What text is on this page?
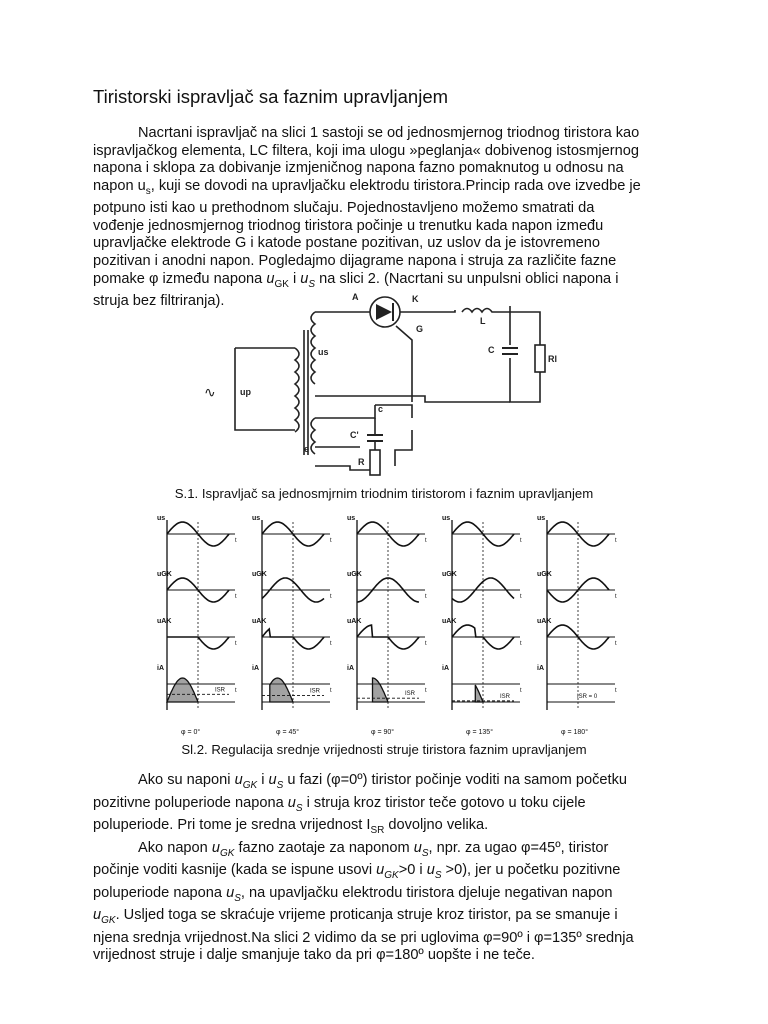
Tiristorski ispravljač sa faznim upravljanjem
Nacrtani ispravljač na slici 1 sastoji se od jednosmjernog triodnog tiristora kao
ispravljačkog elementa, LC filtera, koji ima ulogu »peglanja« dobivenog istosmjernog
napona i sklopa za dobivanje izmjeničnog napona fazno pomaknutog u odnosu na
napon $u_s$, kuji se dovodi na upravljačku elektrodu tiristora.Princip rada ove izvedbe je
potpuno isti kao u prethodnom slučaju. Pojednostavljeno možemo smatrati da
vođenje jednosmjernog triodnog tiristora počinje u trenutku kada napon između
upravljačke elektrode G i katode postane pozitivan, uz uslov da je istovremeno
pozitivan i anodni napon. Pogledajmo dijagrame napona i struja za različite fazne
pomake φ između napona $u_{GK}$ i $u_S$ na slici 2. (Nacrtani su unpulsni oblici napona i
struja bez filtriranja).
∿
A	K
G
L
C
Rl
us
up
C'
c
R
e
S.1. Ispravljač sa jednosmjrnim triodnim tiristorom i faznim upravljanjem
us
uGK
uAK
iA
t
t
t
t
ISR
φ = 0°
us
uGK
uAK
iA
t
t
t
t
ISR
φ = 45°
us
uGK
uAK
iA
t
t
t
t
ISR
φ = 90°
us
uGK
uAK
iA
t
t
t
t
ISR
φ = 135°
us
uGK
uAK
iA
t
t
t
t
ISR = 0
φ = 180°
Sl.2. Regulacija srednje vrijednosti struje tiristora faznim upravljanjem
Ako su naponi $u_{GK}$ i $u_S$ u fazi (φ=0º) tiristor počinje voditi na samom početku
pozitivne poluperiode napona $u_S$ i struja kroz tiristor teče gotovo u toku cijele
poluperiode. Pri tome je sredna vrijednost $I_{SR}$ dovoljno velika.
Ako napon $u_{GK}$ fazno zaotaje za naponom $u_S$, npr. za ugao φ=45º, tiristor
počinje voditi kasnije (kada se ispune usovi $u_{GK}>0$ i $u_S >0$), jer u početku pozitivne
poluperiode napona $u_S$, na upavljačku elektrodu tiristora djeluje negativan napon
$u_{GK}$. Uslјed toga se skraćuje vrijeme proticanja struje kroz tiristor, pa se smanuje i
njena srednja vrijednost.Na slici 2 vidimo da se pri uglovima φ=90º i φ=135º srednja
vrijednost struje i dalje smanjuje tako da pri φ=180º uopšte i ne teče.
